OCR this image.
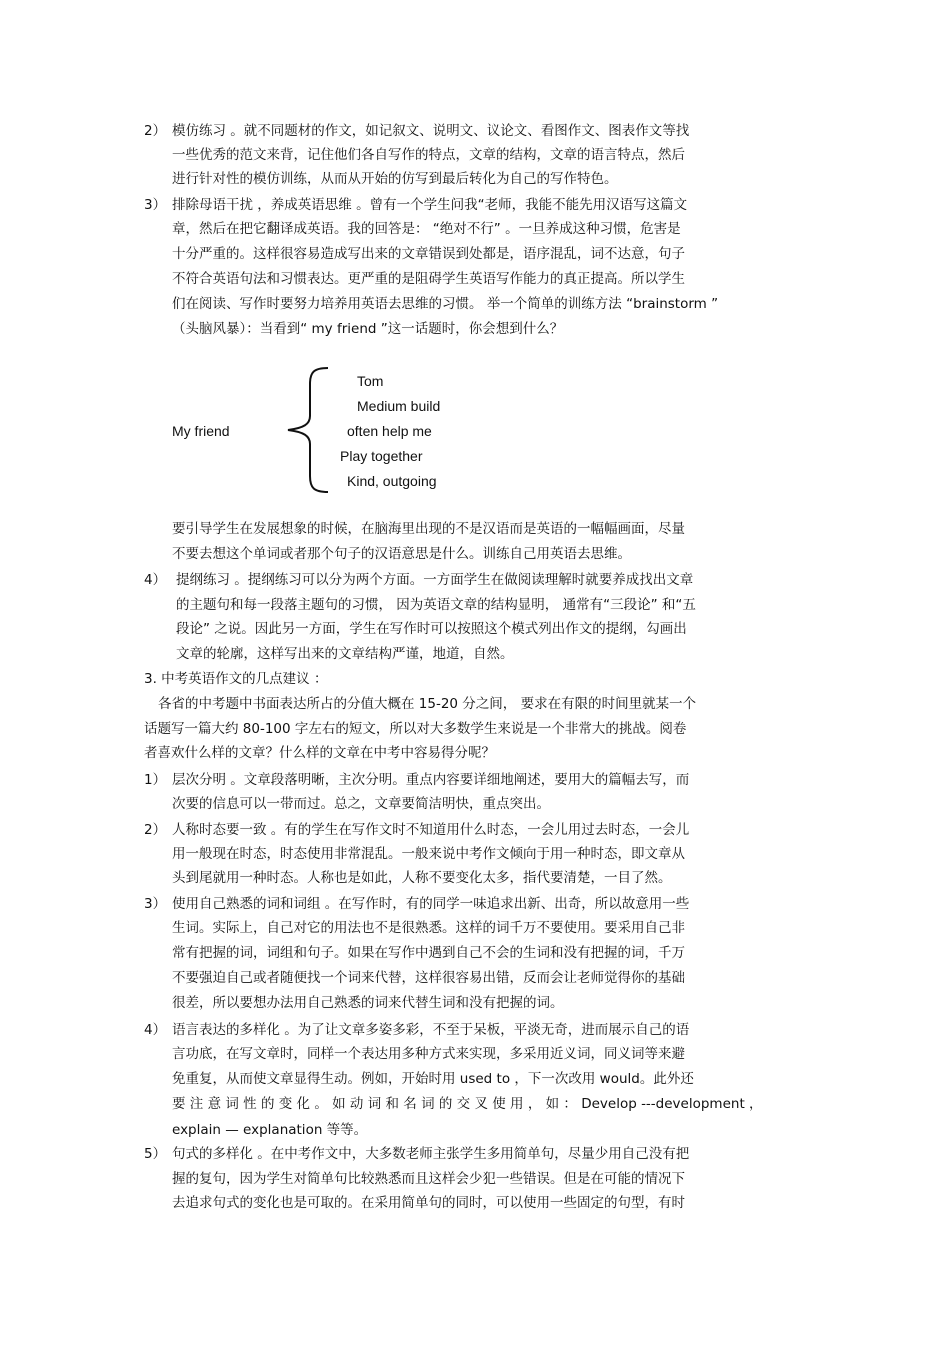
2） 模仿练习 。就不同题材的作文，如记叙文、说明文、议论文、看图作文、图表作文等找
一些优秀的范文来背，记住他们各自写作的特点，文章的结构，文章的语言特点，然后
进行针对性的模仿训练，从而从开始的仿写到最后转化为自己的写作特色。
3） 排除母语干扰 ，养成英语思维 。曾有一个学生问我“老师，我能不能先用汉语写这篇文
章，然后在把它翻译成英语。我的回答是： “绝对不行” 。一旦养成这种习惯，危害是
十分严重的。这样很容易造成写出来的文章错误到处都是，语序混乱，词不达意，句子
不符合英语句法和习惯表达。更严重的是阻碍学生英语写作能力的真正提高。所以学生
们在阅读、写作时要努力培养用英语去思维的习惯。 举一个简单的训练方法 “brainstorm ”
（头脑风暴）：当看到“ my friend ”这一话题时，你会想到什么？
My friend
Tom
Medium build
often help me
Play together
Kind, outgoing
要引导学生在发展想象的时候，在脑海里出现的不是汉语而是英语的一幅幅画面，尽量
不要去想这个单词或者那个句子的汉语意思是什么。训练自己用英语去思维。
4） 提纲练习 。提纲练习可以分为两个方面。一方面学生在做阅读理解时就要养成找出文章
的主题句和每一段落主题句的习惯， 因为英语文章的结构显明， 通常有“三段论” 和“五
段论” 之说。因此另一方面，学生在写作时可以按照这个模式列出作文的提纲，勾画出
文章的轮廓，这样写出来的文章结构严谨，地道，自然。
3. 中考英语作文的几点建议 ：
各省的中考题中书面表达所占的分值大概在 15-20 分之间， 要求在有限的时间里就某一个
话题写一篇大约 80-100 字左右的短文，所以对大多数学生来说是一个非常大的挑战。阅卷
者喜欢什么样的文章？什么样的文章在中考中容易得分呢？
1） 层次分明 。文章段落明晰，主次分明。重点内容要详细地阐述，要用大的篇幅去写，而
次要的信息可以一带而过。总之，文章要简洁明快，重点突出。
2） 人称时态要一致 。有的学生在写作文时不知道用什么时态，一会儿用过去时态，一会儿
用一般现在时态，时态使用非常混乱。一般来说中考作文倾向于用一种时态，即文章从
头到尾就用一种时态。人称也是如此，人称不要变化太多，指代要清楚，一目了然。
3） 使用自己熟悉的词和词组 。在写作时，有的同学一味追求出新、出奇，所以故意用一些
生词。实际上，自己对它的用法也不是很熟悉。这样的词千万不要使用。要采用自己非
常有把握的词，词组和句子。如果在写作中遇到自己不会的生词和没有把握的词，千万
不要强迫自己或者随便找一个词来代替，这样很容易出错，反而会让老师觉得你的基础
很差，所以要想办法用自己熟悉的词来代替生词和没有把握的词。
4） 语言表达的多样化 。为了让文章多姿多彩，不至于呆板，平淡无奇，进而展示自己的语
言功底，在写文章时，同样一个表达用多种方式来实现，多采用近义词，同义词等来避
免重复，从而使文章显得生动。例如，开始时用 used to ，下一次改用 would。此外还
要 注 意 词 性 的 变 化 。 如 动 词 和 名 词 的 交 叉 使 用 ， 如 ： Develop ---development ，
explain — explanation 等等。
5） 句式的多样化 。在中考作文中，大多数老师主张学生多用简单句，尽量少用自己没有把
握的复句，因为学生对简单句比较熟悉而且这样会少犯一些错误。但是在可能的情况下
去追求句式的变化也是可取的。在采用简单句的同时，可以使用一些固定的句型，有时
